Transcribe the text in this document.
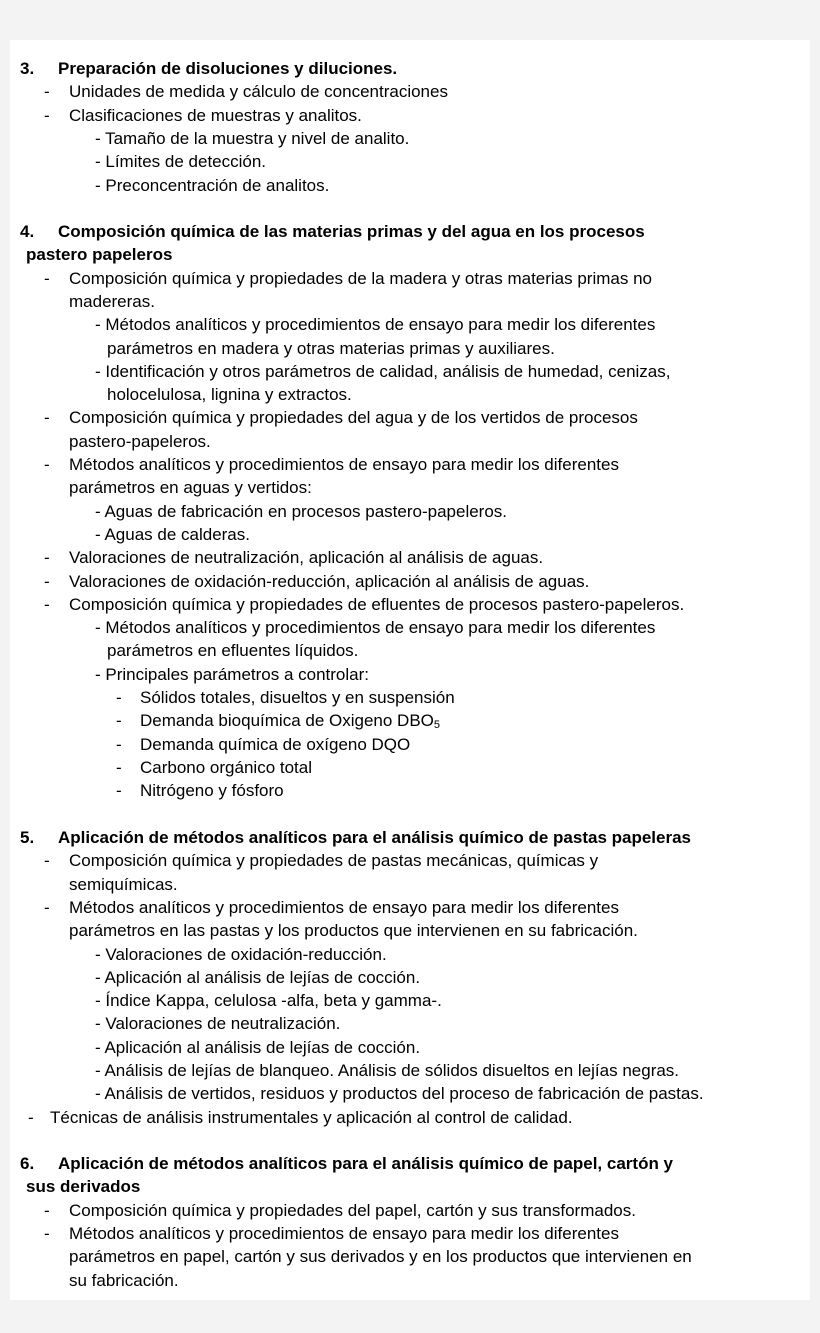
3. Preparación de disoluciones y diluciones.
- Unidades de medida y cálculo de concentraciones
- Clasificaciones de muestras y analitos.
- Tamaño de la muestra y nivel de analito.
- Límites de detección.
- Preconcentración de analitos.
4. Composición química de las materias primas y del agua en los procesos
pastero papeleros
- Composición química y propiedades de la madera y otras materias primas no
madereras.
- Métodos analíticos y procedimientos de ensayo para medir los diferentes
parámetros en madera y otras materias primas y auxiliares.
- Identificación y otros parámetros de calidad, análisis de humedad, cenizas,
holocelulosa, lignina y extractos.
- Composición química y propiedades del agua y de los vertidos de procesos
pastero-papeleros.
- Métodos analíticos y procedimientos de ensayo para medir los diferentes
parámetros en aguas y vertidos:
- Aguas de fabricación en procesos pastero-papeleros.
- Aguas de calderas.
- Valoraciones de neutralización, aplicación al análisis de aguas.
- Valoraciones de oxidación-reducción, aplicación al análisis de aguas.
- Composición química y propiedades de efluentes de procesos pastero-papeleros.
- Métodos analíticos y procedimientos de ensayo para medir los diferentes
parámetros en efluentes líquidos.
- Principales parámetros a controlar:
- Sólidos totales, disueltos y en suspensión
- Demanda bioquímica de Oxigeno DBO5
- Demanda química de oxígeno DQO
- Carbono orgánico total
- Nitrógeno y fósforo
5. Aplicación de métodos analíticos para el análisis químico de pastas papeleras
- Composición química y propiedades de pastas mecánicas, químicas y
semiquímicas.
- Métodos analíticos y procedimientos de ensayo para medir los diferentes
parámetros en las pastas y los productos que intervienen en su fabricación.
- Valoraciones de oxidación-reducción.
- Aplicación al análisis de lejías de cocción.
- Índice Kappa, celulosa -alfa, beta y gamma-.
- Valoraciones de neutralización.
- Aplicación al análisis de lejías de cocción.
- Análisis de lejías de blanqueo. Análisis de sólidos disueltos en lejías negras.
- Análisis de vertidos, residuos y productos del proceso de fabricación de pastas.
- Técnicas de análisis instrumentales y aplicación al control de calidad.
6. Aplicación de métodos analíticos para el análisis químico de papel, cartón y
sus derivados
- Composición química y propiedades del papel, cartón y sus transformados.
- Métodos analíticos y procedimientos de ensayo para medir los diferentes
parámetros en papel, cartón y sus derivados y en los productos que intervienen en
su fabricación.
